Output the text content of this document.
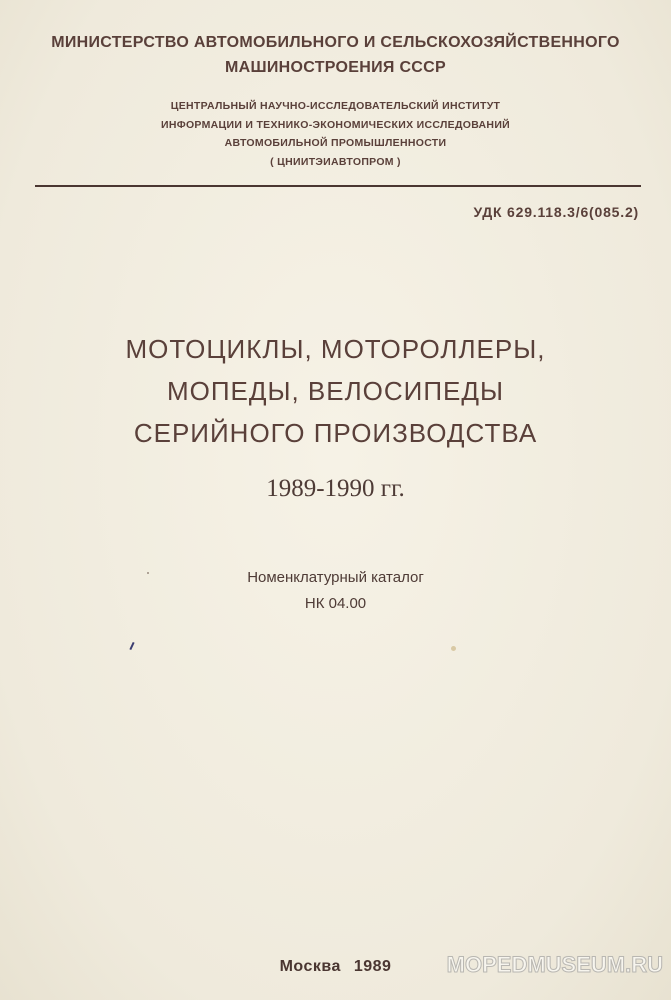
МИНИСТЕРСТВО АВТОМОБИЛЬНОГО И СЕЛЬСКОХОЗЯЙСТВЕННОГО
МАШИНОСТРОЕНИЯ СССР
ЦЕНТРАЛЬНЫЙ НАУЧНО-ИССЛЕДОВАТЕЛЬСКИЙ ИНСТИТУТ
ИНФОРМАЦИИ И ТЕХНИКО-ЭКОНОМИЧЕСКИХ ИССЛЕДОВАНИЙ
АВТОМОБИЛЬНОЙ ПРОМЫШЛЕННОСТИ
( ЦНИИТЭИАВТОПРОМ )
УДК 629.118.3/6(085.2)
МОТОЦИКЛЫ, МОТОРОЛЛЕРЫ,
МОПЕДЫ, ВЕЛОСИПЕДЫ
СЕРИЙНОГО ПРОИЗВОДСТВА
1989-1990 гг.
Номенклатурный каталог
НК 04.00
Москва 1989	MOPEDMUSEUM.RU
